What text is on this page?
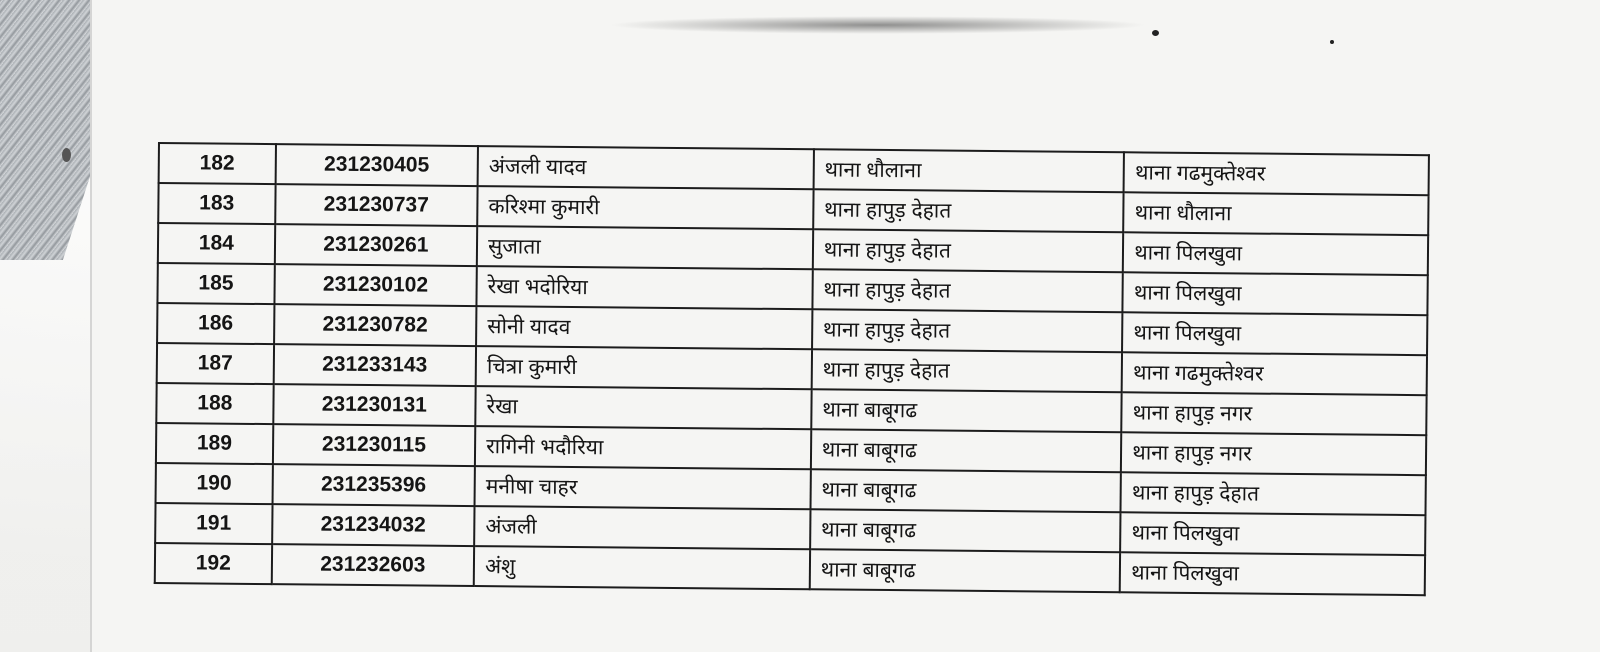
182	231230405	अंजली यादव	थाना धौलाना	थाना गढमुक्तेश्वर
183	231230737	करिश्मा कुमारी	थाना हापुड़ देहात	थाना धौलाना
184	231230261	सुजाता	थाना हापुड़ देहात	थाना पिलखुवा
185	231230102	रेखा भदोरिया	थाना हापुड़ देहात	थाना पिलखुवा
186	231230782	सोनी यादव	थाना हापुड़ देहात	थाना पिलखुवा
187	231233143	चित्रा कुमारी	थाना हापुड़ देहात	थाना गढमुक्तेश्वर
188	231230131	रेखा	थाना बाबूगढ	थाना हापुड़ नगर
189	231230115	रागिनी भदौरिया	थाना बाबूगढ	थाना हापुड़ नगर
190	231235396	मनीषा चाहर	थाना बाबूगढ	थाना हापुड़ देहात
191	231234032	अंजली	थाना बाबूगढ	थाना पिलखुवा
192	231232603	अंशु	थाना बाबूगढ	थाना पिलखुवा
